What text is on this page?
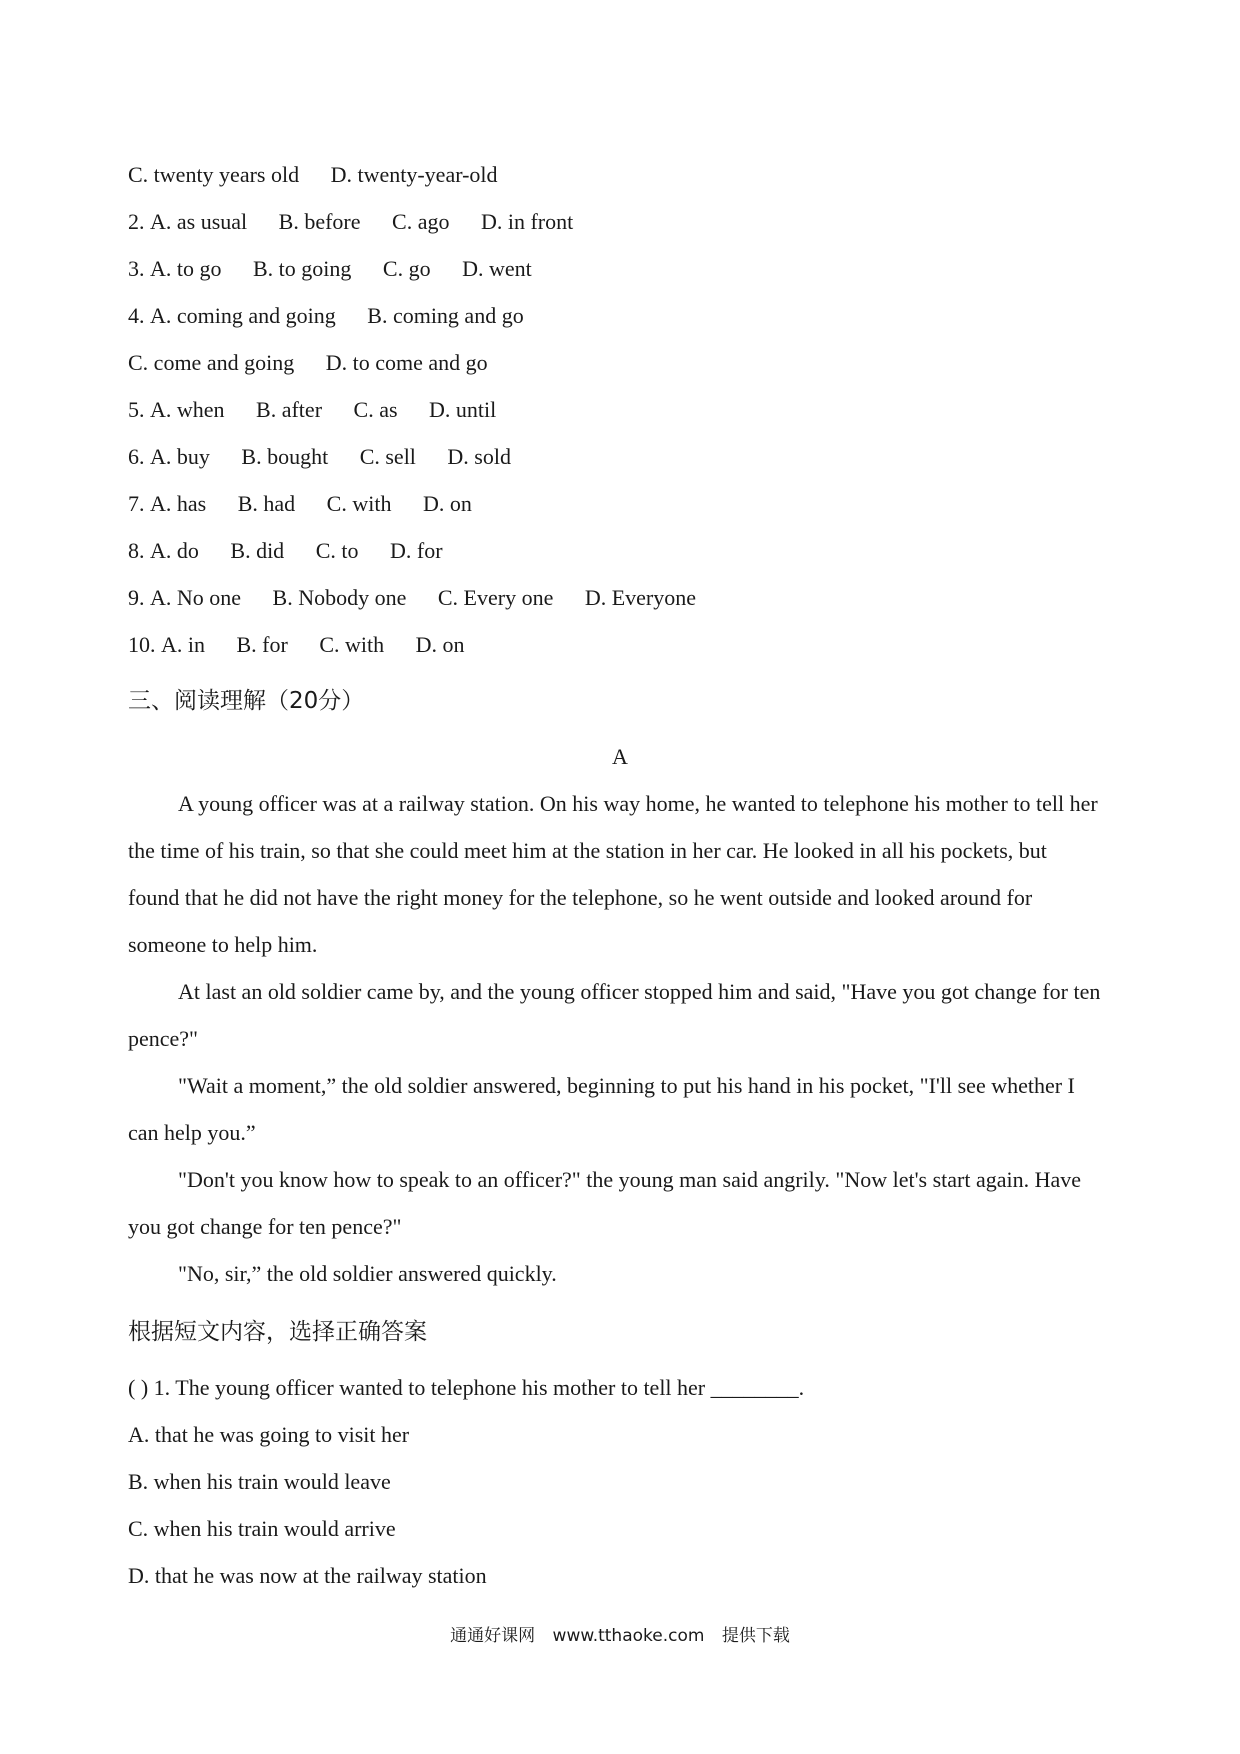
C. twenty years old D. twenty-year-old
2. A. as usual B. before C. ago D. in front
3. A. to go B. to going C. go D. went
4. A. coming and going B. coming and go
C. come and going D. to come and go
5. A. when B. after C. as D. until
6. A. buy B. bought C. sell D. sold
7. A. has B. had C. with D. on
8. A. do B. did C. to D. for
9. A. No one B. Nobody one C. Every one D. Everyone
10. A. in B. for C. with D. on
三、阅读理解（20分）
A

A young officer was at a railway station. On his way home, he wanted to telephone his mother to tell her the time of his train, so that she could meet him at the station in her car. He looked in all his pockets, but found that he did not have the right money for the telephone, so he went outside and looked around for someone to help him.

At last an old soldier came by, and the young officer stopped him and said, "Have you got change for ten pence?"

"Wait a moment,” the old soldier answered, beginning to put his hand in his pocket, "I'll see whether I can help you.”

"Don't you know how to speak to an officer?" the young man said angrily. "Now let's start again. Have you got change for ten pence?"

"No, sir,” the old soldier answered quickly.

根据短文内容，选择正确答案
( ) 1. The young officer wanted to telephone his mother to tell her ________.
A. that he was going to visit her
B. when his train would leave
C. when his train would arrive
D. that he was now at the railway station
通通好课网 www.tthaoke.com 提供下载
